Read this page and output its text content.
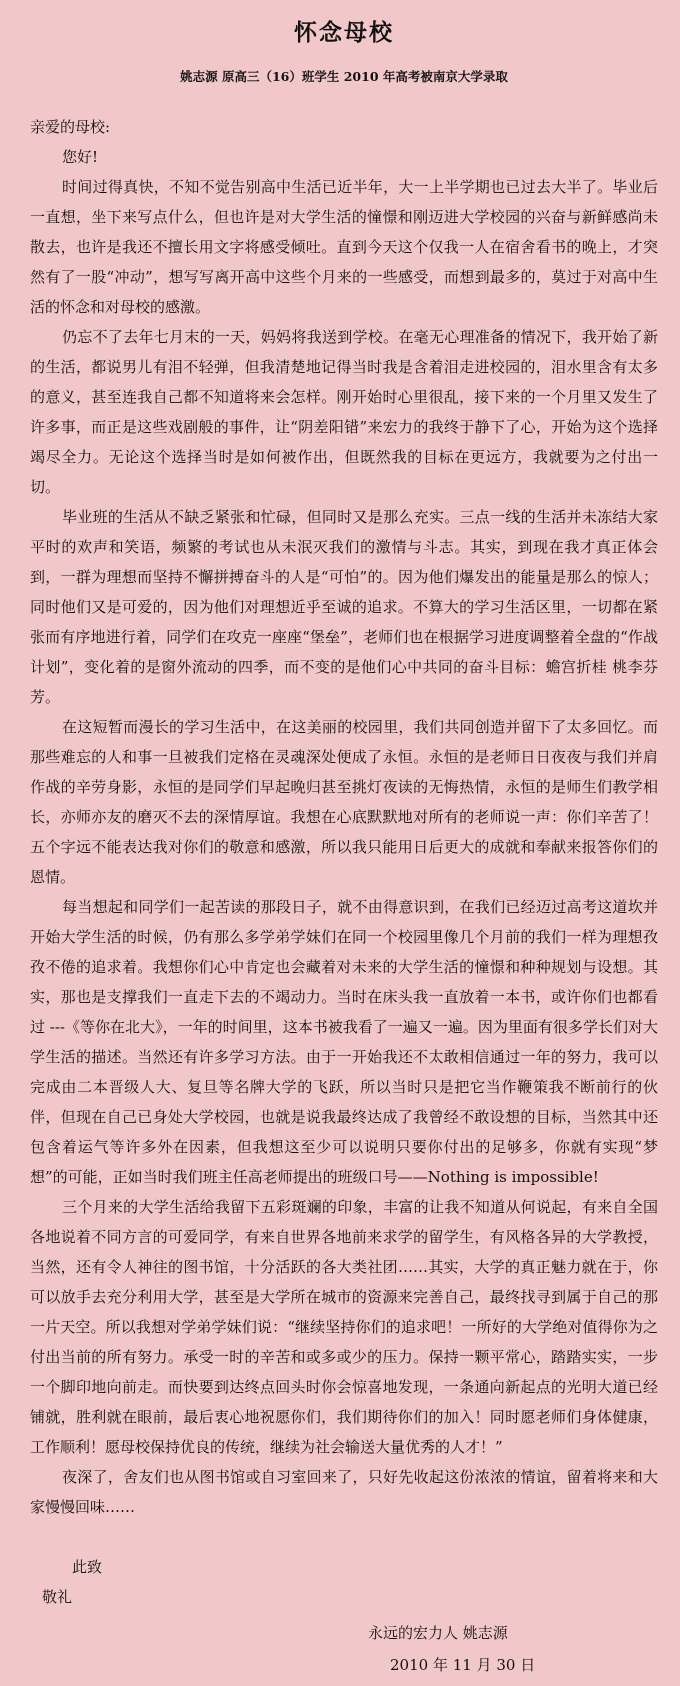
怀念母校
姚志源 原高三（16）班学生 2010 年高考被南京大学录取

亲爱的母校:

您好!

时间过得真快，不知不觉告别高中生活已近半年，大一上半学期也已过去大半了。毕业后一直想，坐下来写点什么，但也许是对大学生活的憧憬和刚迈进大学校园的兴奋与新鲜感尚未散去，也许是我还不擅长用文字将感受倾吐。直到今天这个仅我一人在宿舍看书的晚上，才突然有了一股“冲动”，想写写离开高中这些个月来的一些感受，而想到最多的，莫过于对高中生活的怀念和对母校的感激。

仍忘不了去年七月末的一天，妈妈将我送到学校。在毫无心理准备的情况下，我开始了新的生活，都说男儿有泪不轻弹，但我清楚地记得当时我是含着泪走进校园的，泪水里含有太多的意义，甚至连我自己都不知道将来会怎样。刚开始时心里很乱，接下来的一个月里又发生了许多事，而正是这些戏剧般的事件，让“阴差阳错”来宏力的我终于静下了心，开始为这个选择竭尽全力。无论这个选择当时是如何被作出，但既然我的目标在更远方，我就要为之付出一切。

毕业班的生活从不缺乏紧张和忙碌，但同时又是那么充实。三点一线的生活并未冻结大家平时的欢声和笑语，频繁的考试也从未泯灭我们的激情与斗志。其实，到现在我才真正体会到，一群为理想而坚持不懈拼搏奋斗的人是“可怕”的。因为他们爆发出的能量是那么的惊人；同时他们又是可爱的，因为他们对理想近乎至诚的追求。不算大的学习生活区里，一切都在紧张而有序地进行着，同学们在攻克一座座“堡垒”，老师们也在根据学习进度调整着全盘的“作战计划”，变化着的是窗外流动的四季，而不变的是他们心中共同的奋斗目标：蟾宫折桂 桃李芬芳。

在这短暂而漫长的学习生活中，在这美丽的校园里，我们共同创造并留下了太多回忆。而那些难忘的人和事一旦被我们定格在灵魂深处便成了永恒。永恒的是老师日日夜夜与我们并肩作战的辛劳身影，永恒的是同学们早起晚归甚至挑灯夜读的无悔热情，永恒的是师生们教学相长，亦师亦友的磨灭不去的深情厚谊。我想在心底默默地对所有的老师说一声：你们辛苦了！五个字远不能表达我对你们的敬意和感激，所以我只能用日后更大的成就和奉献来报答你们的恩情。

每当想起和同学们一起苦读的那段日子，就不由得意识到，在我们已经迈过高考这道坎并开始大学生活的时候，仍有那么多学弟学妹们在同一个校园里像几个月前的我们一样为理想孜孜不倦的追求着。我想你们心中肯定也会藏着对未来的大学生活的憧憬和种种规划与设想。其实，那也是支撑我们一直走下去的不竭动力。当时在床头我一直放着一本书，或许你们也都看过 ---《等你在北大》，一年的时间里，这本书被我看了一遍又一遍。因为里面有很多学长们对大学生活的描述。当然还有许多学习方法。由于一开始我还不太敢相信通过一年的努力，我可以完成由二本晋级人大、复旦等名牌大学的飞跃，所以当时只是把它当作鞭策我不断前行的伙伴，但现在自己已身处大学校园，也就是说我最终达成了我曾经不敢设想的目标，当然其中还包含着运气等许多外在因素，但我想这至少可以说明只要你付出的足够多，你就有实现“梦想”的可能，正如当时我们班主任高老师提出的班级口号——Nothing is impossible!

三个月来的大学生活给我留下五彩斑斓的印象，丰富的让我不知道从何说起，有来自全国各地说着不同方言的可爱同学，有来自世界各地前来求学的留学生，有风格各异的大学教授，当然，还有令人神往的图书馆，十分活跃的各大类社团……其实，大学的真正魅力就在于，你可以放手去充分利用大学，甚至是大学所在城市的资源来完善自己，最终找寻到属于自己的那一片天空。所以我想对学弟学妹们说：“继续坚持你们的追求吧！一所好的大学绝对值得你为之付出当前的所有努力。承受一时的辛苦和或多或少的压力。保持一颗平常心，踏踏实实，一步一个脚印地向前走。而快要到达终点回头时你会惊喜地发现，一条通向新起点的光明大道已经铺就，胜利就在眼前，最后衷心地祝愿你们，我们期待你们的加入！同时愿老师们身体健康，工作顺利！愿母校保持优良的传统，继续为社会输送大量优秀的人才！”

夜深了，舍友们也从图书馆或自习室回来了，只好先收起这份浓浓的情谊，留着将来和大家慢慢回味……

此致

敬礼

永远的宏力人 姚志源

2010 年 11 月 30 日
